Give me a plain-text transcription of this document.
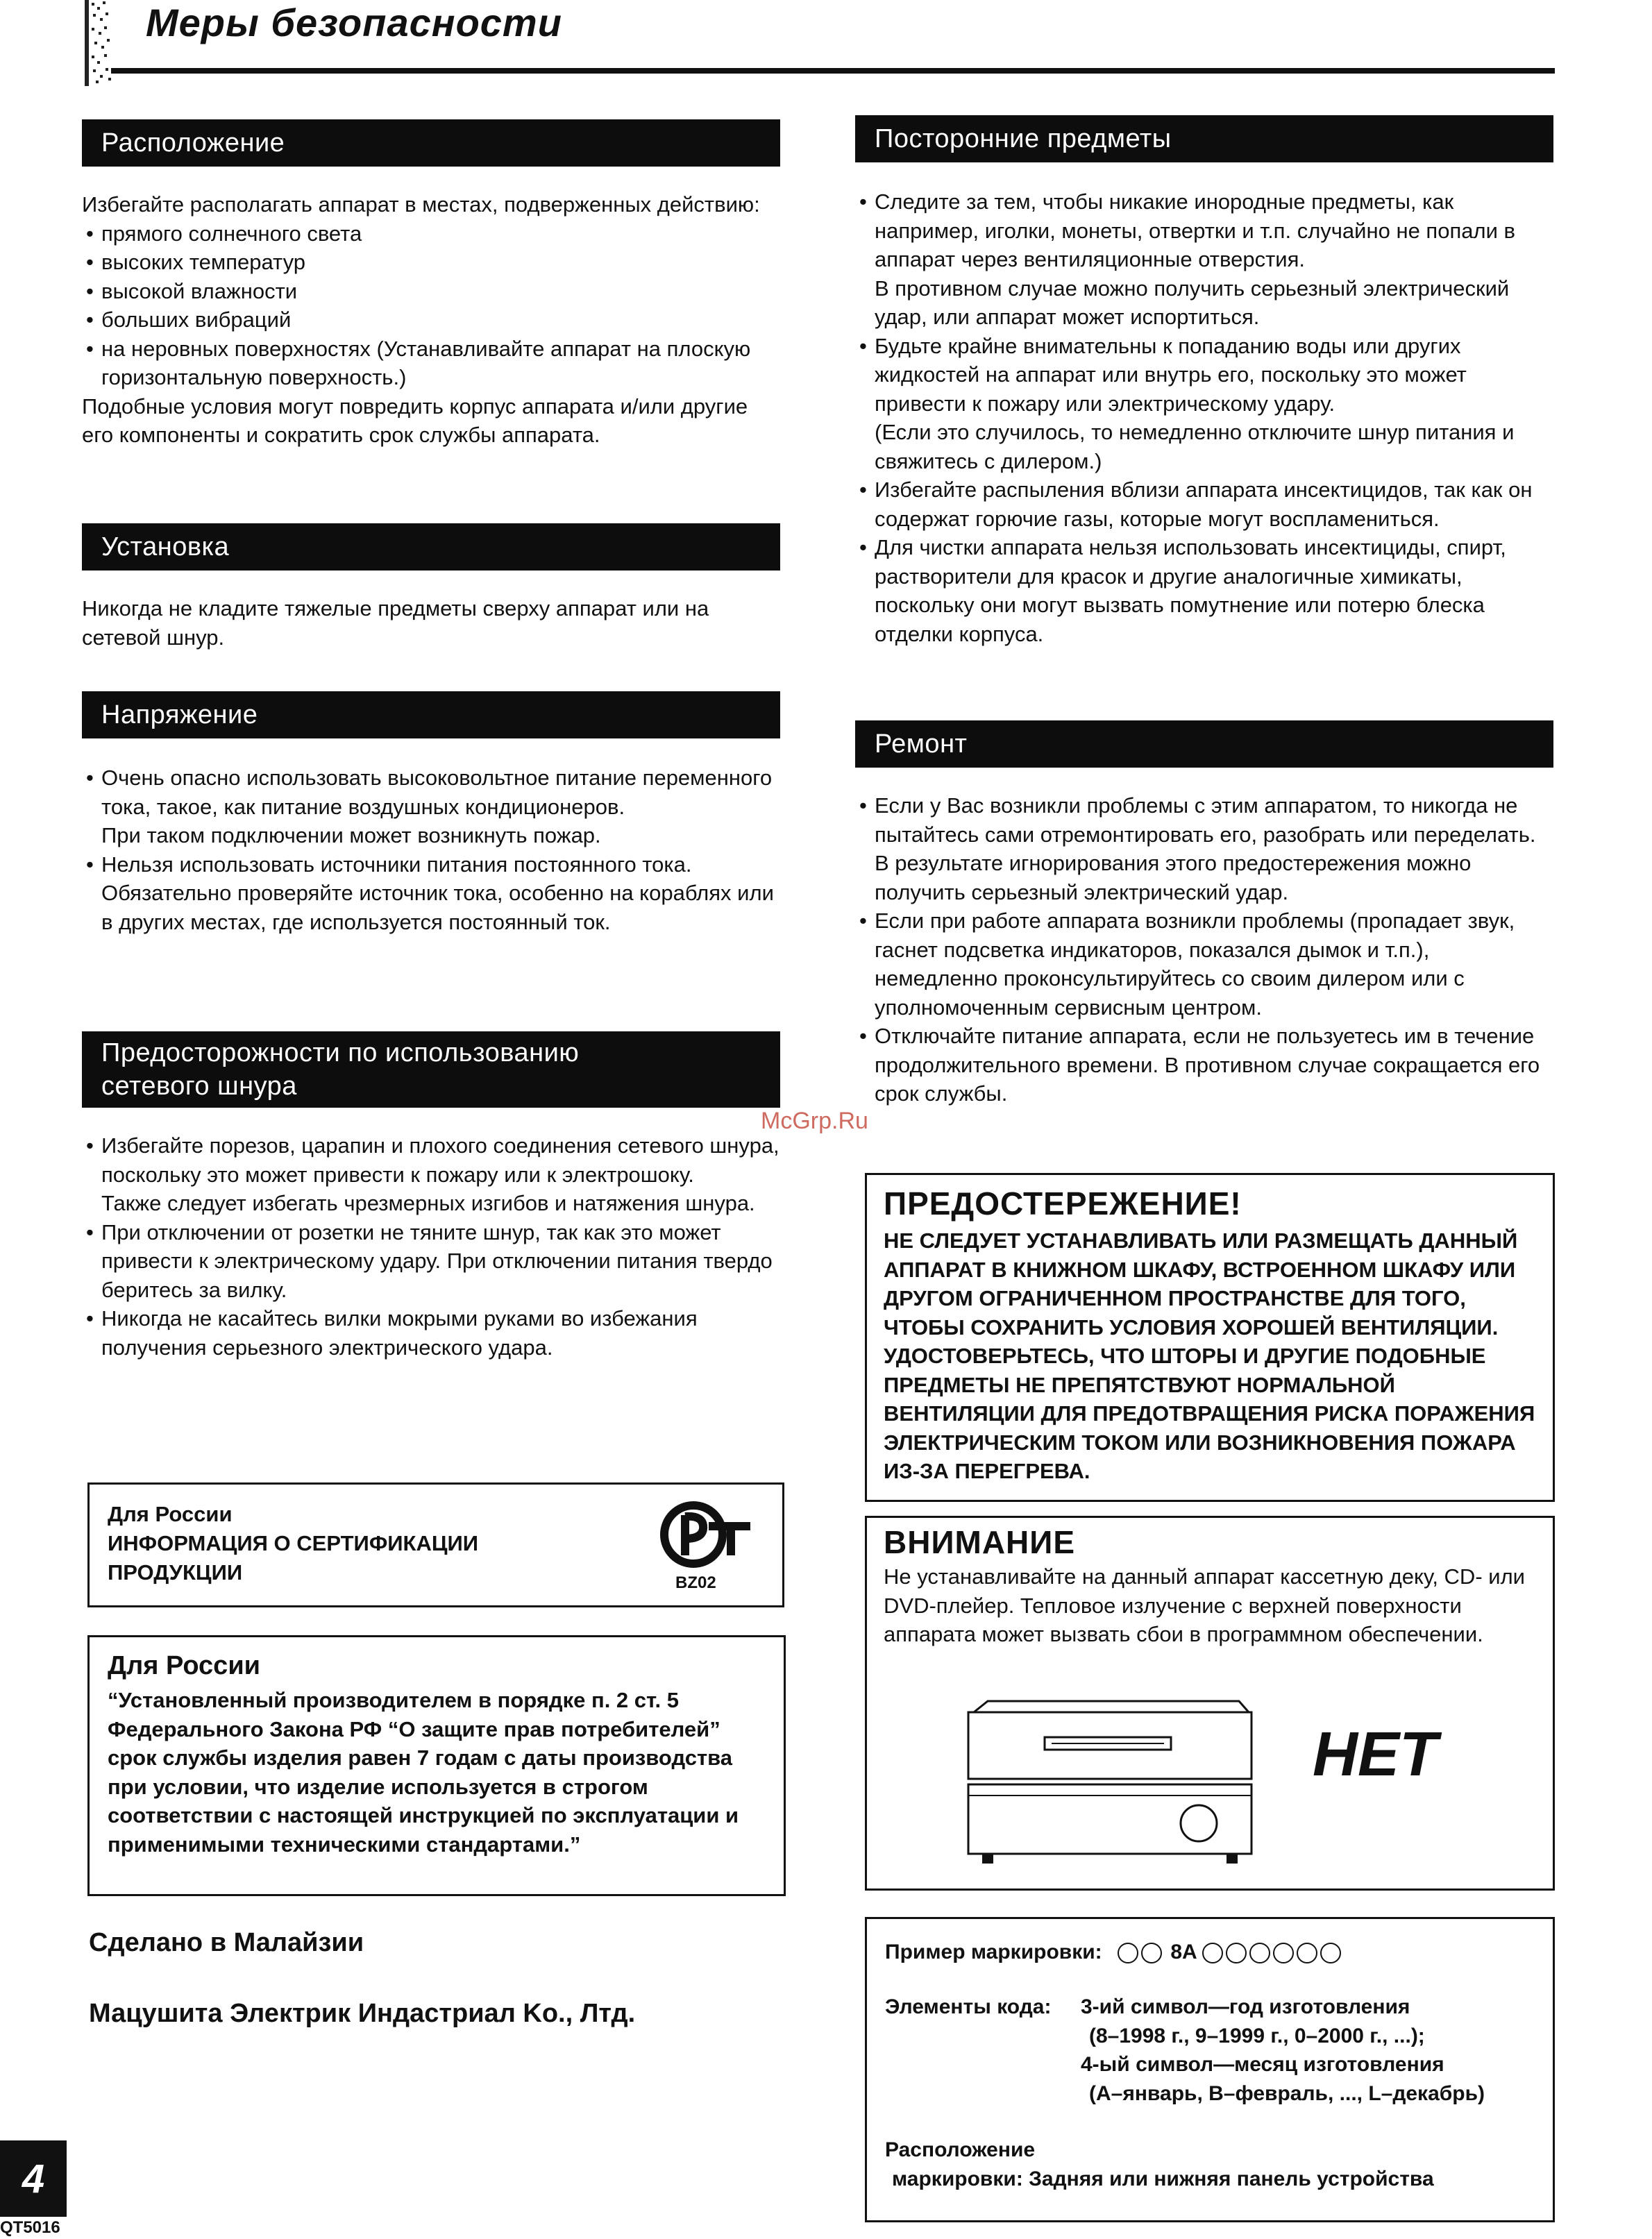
Меры безопасности
Расположение

Избегайте располагать аппарат в местах, подверженных действию:

• прямого солнечного света

• высоких температур

• высокой влажности

• больших вибраций

• на неровных поверхностях (Устанавливайте аппарат на плоскую горизонтальную поверхность.)

Подобные условия могут повредить корпус аппарата и/или другие его компоненты и сократить срок службы аппарата.

Установка

Никогда не кладите тяжелые предметы сверху аппарат или на сетевой шнур.

Напряжение

• Очень опасно использовать высоковольтное питание переменного тока, такое, как питание воздушных кондиционеров.

При таком подключении может возникнуть пожар.

• Нельзя использовать источники питания постоянного тока.

Обязательно проверяйте источник тока, особенно на кораблях или в других местах, где используется постоянный ток.

Предосторожности по использованию
сетевого шнура

• Избегайте порезов, царапин и плохого соединения сетевого шнура, поскольку это может привести к пожару или к электрошоку.

Также следует избегать чрезмерных изгибов и натяжения шнура.

• При отключении от розетки не тяните шнур, так как это может привести к электрическому удару. При отключении питания твердо беритесь за вилку.

• Никогда не касайтесь вилки мокрыми руками во избежания получения серьезного электрического удара.

Для России
ИНФОРМАЦИЯ О СЕРТИФИКАЦИИ
ПРОДУКЦИИ	BZ02
Для России
“Установленный производителем в порядке п. 2 ст. 5 Федерального Закона РФ “О защите прав потребителей” срок службы изделия равен 7 годам с даты производства при условии, что изделие используется в строгом соответствии с настоящей инструкцией по эксплуатации и применимыми техническими стандартами.”
Сделано в Малайзии
Мацушита Электрик Индастриал Ko., Лтд.
Посторонние предметы

• Следите за тем, чтобы никакие инородные предметы, как например, иголки, монеты, отвертки и т.п. случайно не попали в аппарат через вентиляционные отверстия.

В противном случае можно получить серьезный электрический удар, или аппарат может испортиться.

• Будьте крайне внимательны к попаданию воды или других жидкостей на аппарат или внутрь его, поскольку это может привести к пожару или электрическому удару.

(Если это случилось, то немедленно отключите шнур питания и свяжитесь с дилером.)

• Избегайте распыления вблизи аппарата инсектицидов, так как он содержат горючие газы, которые могут воспламениться.

• Для чистки аппарата нельзя использовать инсектициды, спирт, растворители для красок и другие аналогичные химикаты, поскольку они могут вызвать помутнение или потерю блеска отделки корпуса.

Ремонт

• Если у Вас возникли проблемы с этим аппаратом, то никогда не пытайтесь сами отремонтировать его, разобрать или переделать.

В результате игнорирования этого предостережения можно получить серьезный электрический удар.

• Если при работе аппарата возникли проблемы (пропадает звук, гаснет подсветка индикаторов, показался дымок и т.п.), немедленно проконсультируйтесь со своим дилером или с уполномоченным сервисным центром.

• Отключайте питание аппарата, если не пользуетесь им в течение продолжительного времени. В противном случае сокращается его срок службы.

McGrp.Ru
ПРЕДОСТЕРЕЖЕНИЕ!
НЕ СЛЕДУЕТ УСТАНАВЛИВАТЬ ИЛИ РАЗМЕЩАТЬ ДАННЫЙ АППАРАТ В КНИЖНОМ ШКАФУ, ВСТРОЕННОМ ШКАФУ ИЛИ ДРУГОМ ОГРАНИЧЕННОМ ПРОСТРАНСТВЕ ДЛЯ ТОГО, ЧТОБЫ СОХРАНИТЬ УСЛОВИЯ ХОРОШЕЙ ВЕНТИЛЯЦИИ. УДОСТОВЕРЬТЕСЬ, ЧТО ШТОРЫ И ДРУГИЕ ПОДОБНЫЕ ПРЕДМЕТЫ НЕ ПРЕПЯТСТВУЮТ НОРМАЛЬНОЙ ВЕНТИЛЯЦИИ ДЛЯ ПРЕДОТВРАЩЕНИЯ РИСКА ПОРАЖЕНИЯ ЭЛЕКТРИЧЕСКИМ ТОКОМ ИЛИ ВОЗНИКНОВЕНИЯ ПОЖАРА ИЗ-ЗА ПЕРЕГРЕВА.
ВНИМАНИЕ
Не устанавливайте на данный аппарат кассетную деку, CD- или DVD-плейер. Тепловое излучение с верхней поверхности аппарата может вызвать сбои в программном обеспечении.
НЕТ
Пример маркировки:	8A
Элементы кода: 3-ий символ—год изготовления
(8–1998 г., 9–1999 г., 0–2000 г., ...);
4-ый символ—месяц изготовления
(A–январь, B–февраль, ..., L–декабрь)
Расположение
маркировки: Задняя или нижняя панель устройства
4
QT5016
